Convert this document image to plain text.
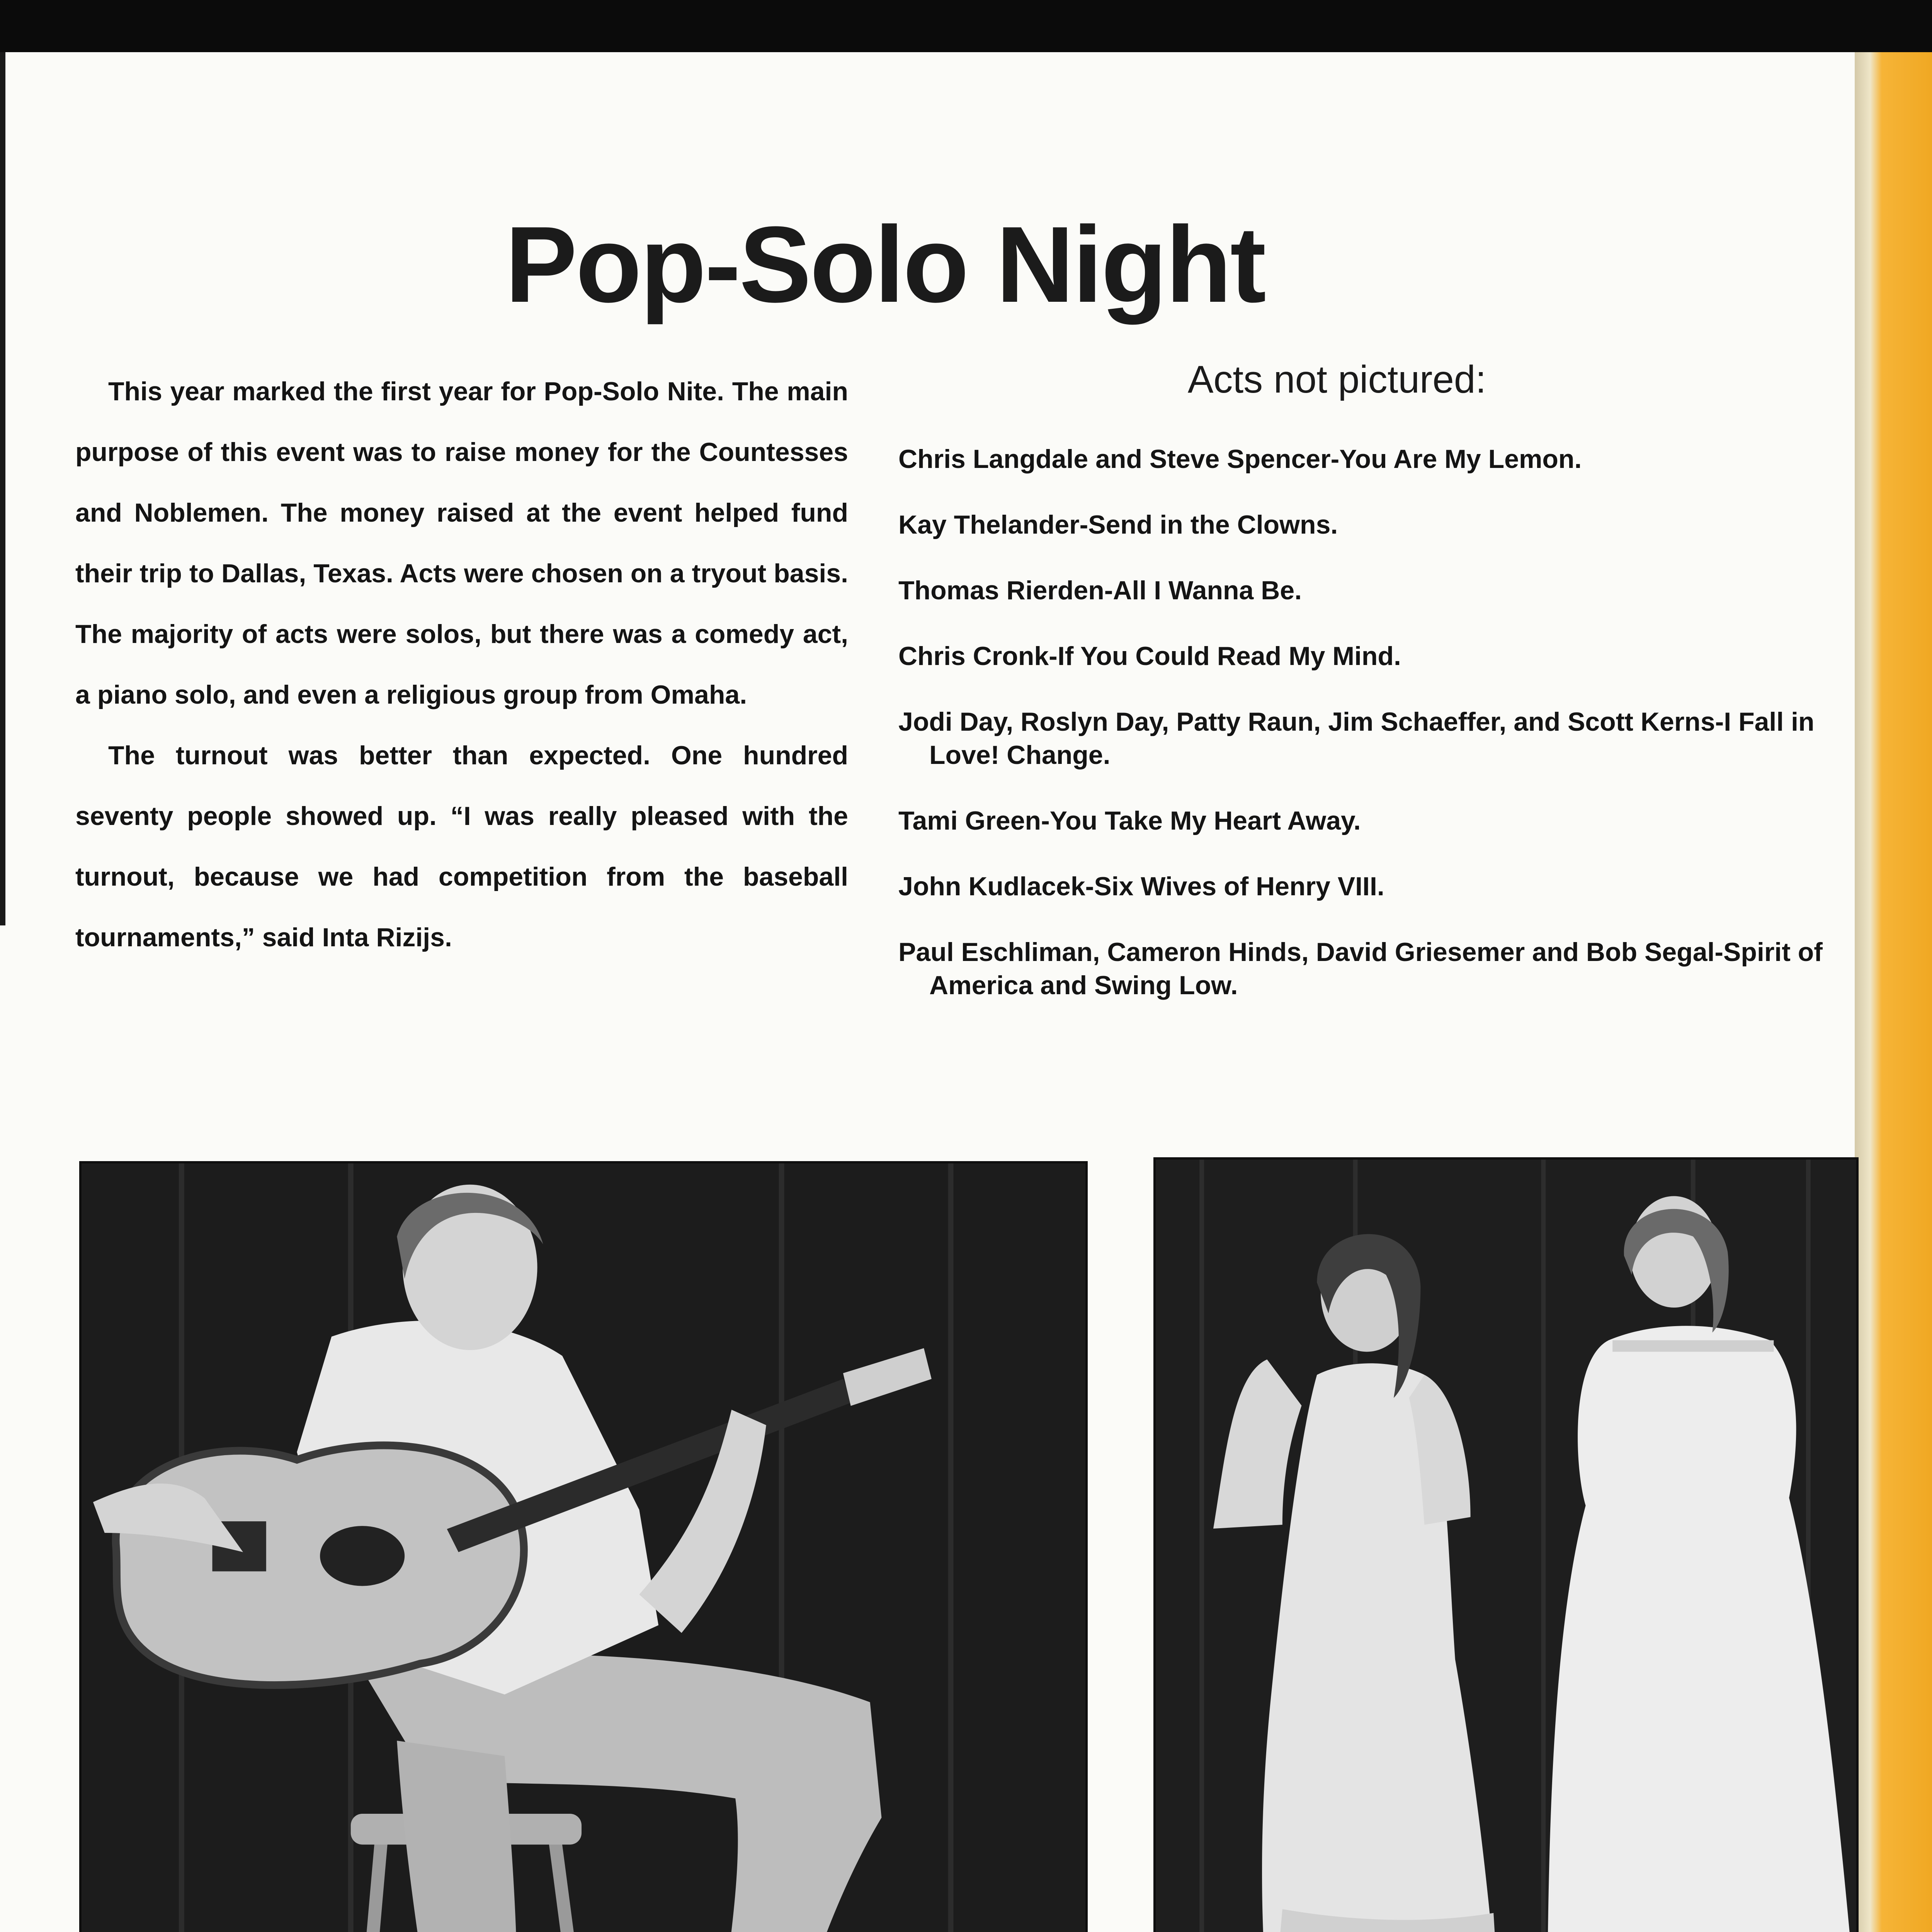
Pop-Solo Night

This year marked the first year for Pop-Solo Nite. The main purpose of this event was to raise money for the Countesses and Noblemen. The money raised at the event helped fund their trip to Dallas, Texas. Acts were chosen on a tryout basis. The majority of acts were solos, but there was a comedy act, a piano solo, and even a religious group from Omaha.

The turnout was better than expected. One hundred seventy people showed up. “I was really pleased with the turnout, because we had competition from the baseball tournaments,” said Inta Rizijs.

Acts not pictured:
Chris Langdale and Steve Spencer-You Are My Lemon.
Kay Thelander-Send in the Clowns.
Thomas Rierden-All I Wanna Be.
Chris Cronk-If You Could Read My Mind.
Jodi Day, Roslyn Day, Patty Raun, Jim Schaeffer, and Scott Kerns-I Fall in Love! Change.
Tami Green-You Take My Heart Away.
John Kudlacek-Six Wives of Henry VIII.
Paul Eschliman, Cameron Hinds, David Griesemer and Bob Segal-Spirit of America and Swing Low.
